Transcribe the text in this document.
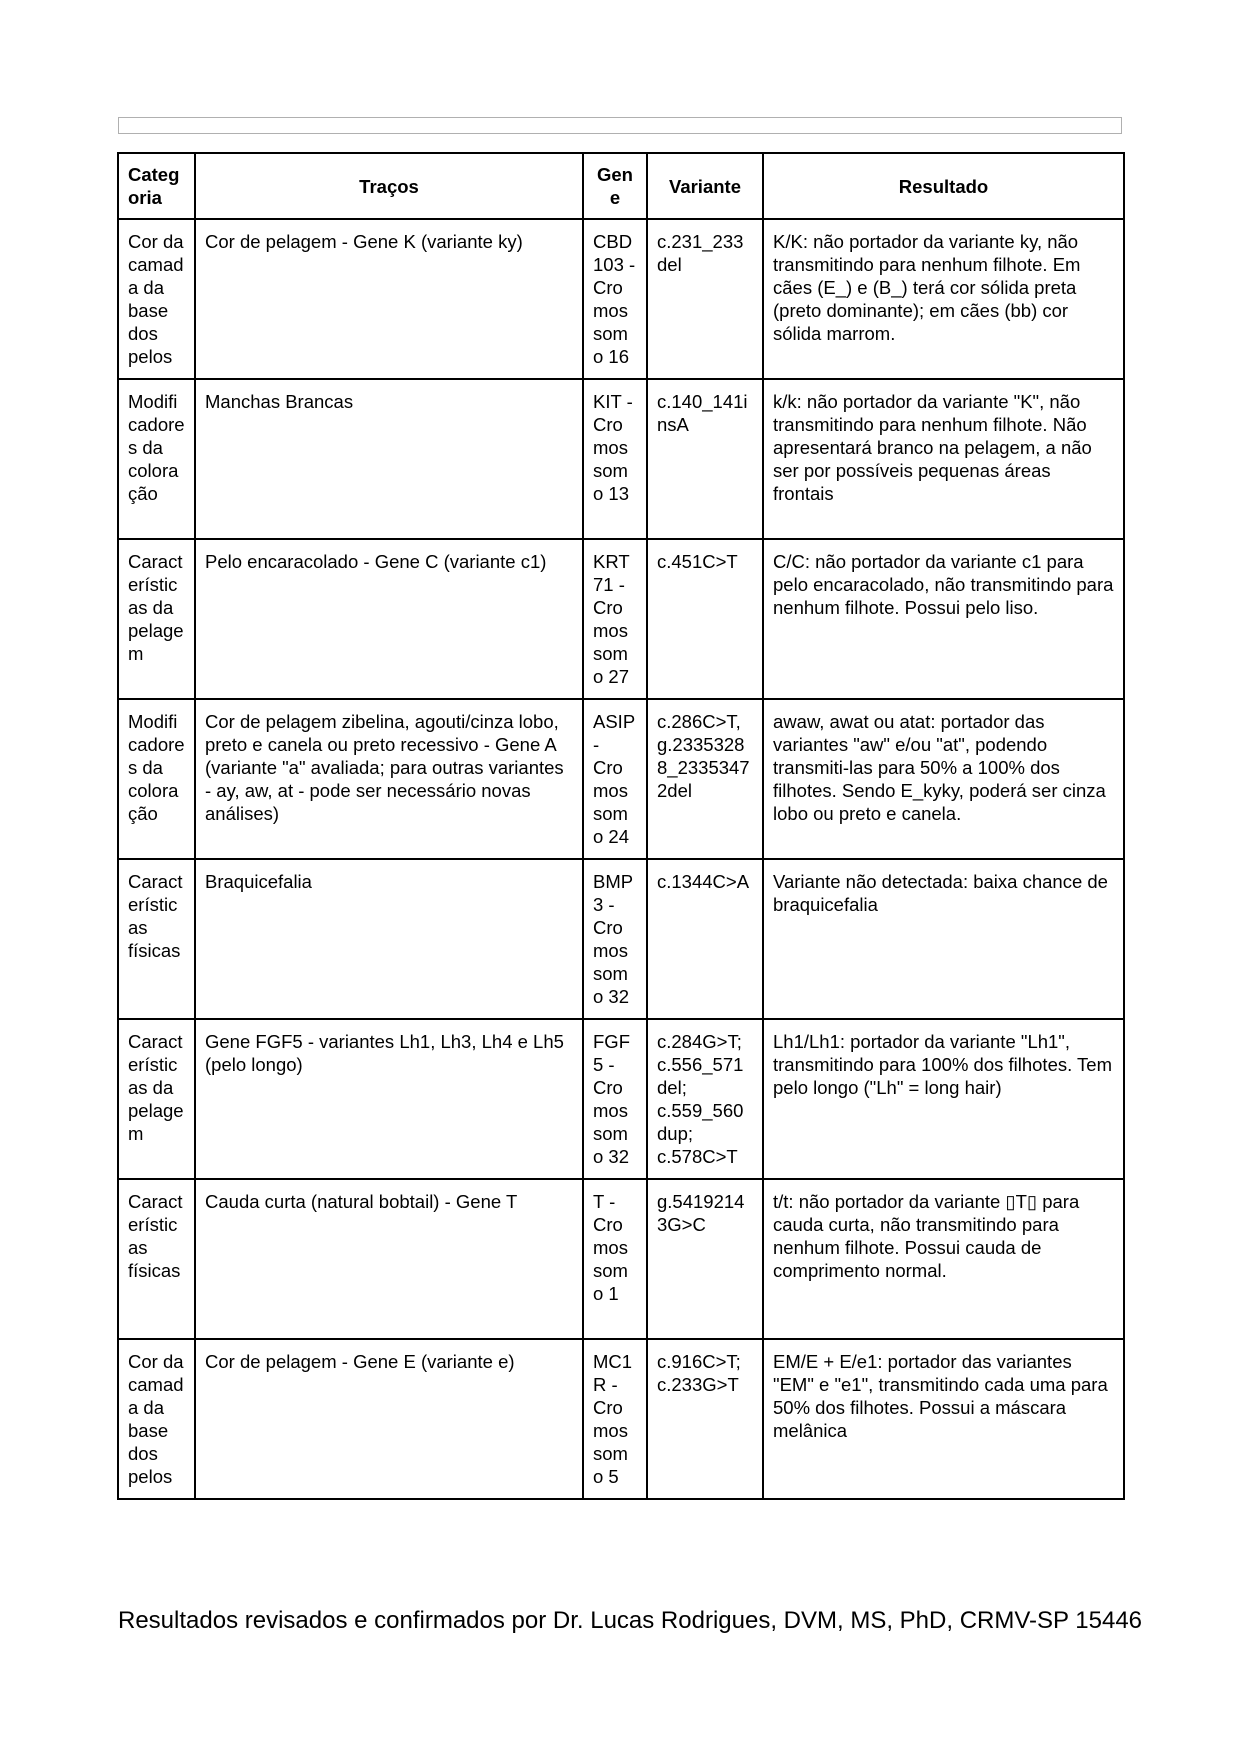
Categoria	Traços	Gene	Variante	Resultado
Cor da camada da base dos pelos	Cor de pelagem - Gene K (variante ky)	CBD103 - Cromossomo 16	c.231_233del	K/K: não portador da variante ky, não transmitindo para nenhum filhote. Em cães (E_) e (B_) terá cor sólida preta (preto dominante); em cães (bb) cor sólida marrom.
Modificadores da coloração	Manchas Brancas	KIT - Cromossomo 13	c.140_141insA	k/k: não portador da variante "K", não transmitindo para nenhum filhote. Não apresentará branco na pelagem, a não ser por possíveis pequenas áreas frontais
Características da pelagem	Pelo encaracolado - Gene C (variante c1)	KRT71 - Cromossomo 27	c.451C>T	C/C: não portador da variante c1 para pelo encaracolado, não transmitindo para nenhum filhote. Possui pelo liso.
Modificadores da coloração	Cor de pelagem zibelina, agouti/cinza lobo, preto e canela ou preto recessivo - Gene A (variante "a" avaliada; para outras variantes - ay, aw, at - pode ser necessário novas análises)	ASIP - Cromossomo 24	c.286C>T, g.23353288_23353472del	awaw, awat ou atat: portador das variantes "aw" e/ou "at", podendo transmiti-las para 50% a 100% dos filhotes. Sendo E_kyky, poderá ser cinza lobo ou preto e canela.
Características físicas	Braquicefalia	BMP3 - Cromossomo 32	c.1344C>A	Variante não detectada: baixa chance de braquicefalia
Características da pelagem	Gene FGF5 - variantes Lh1, Lh3, Lh4 e Lh5 (pelo longo)	FGF5 - Cromossomo 32	c.284G>T; c.556_571del; c.559_560dup; c.578C>T	Lh1/Lh1: portador da variante "Lh1", transmitindo para 100% dos filhotes. Tem pelo longo ("Lh" = long hair)
Características físicas	Cauda curta (natural bobtail) - Gene T	T - Cromossomo 1	g.54192143G>C	t/t: não portador da variante ▯T▯ para cauda curta, não transmitindo para nenhum filhote. Possui cauda de comprimento normal.
Cor da camada da base dos pelos	Cor de pelagem - Gene E (variante e)	MC1R - Cromossomo 5	c.916C>T; c.233G>T	EM/E + E/e1: portador das variantes "EM" e "e1", transmitindo cada uma para 50% dos filhotes. Possui a máscara melânica
Resultados revisados e confirmados por Dr. Lucas Rodrigues, DVM, MS, PhD, CRMV-SP 15446
